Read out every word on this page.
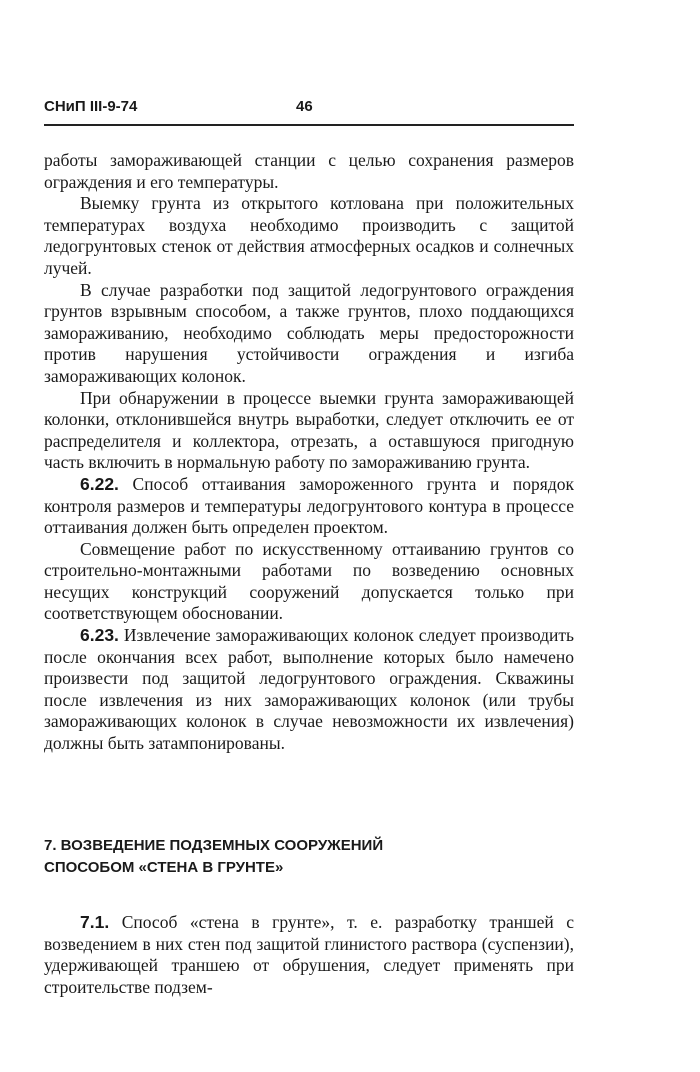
СНиП III-9-74	46

работы замораживающей станции с целью сохранения размеров ограждения и его температуры.

Выемку грунта из открытого котлована при положительных температурах воздуха необходимо производить с защитой ледогрунтовых стенок от действия атмосферных осадков и солнечных лучей.

В случае разработки под защитой ледогрунтового ограждения грунтов взрывным способом, а также грунтов, плохо поддающихся замораживанию, необходимо соблюдать меры предосторожности против нарушения устойчивости ограждения и изгиба замораживающих колонок.

При обнаружении в процессе выемки грунта замораживающей колонки, отклонившейся внутрь выработки, следует отключить ее от распределителя и коллектора, отрезать, а оставшуюся пригодную часть включить в нормальную работу по замораживанию грунта.

6.22. Способ оттаивания замороженного грунта и порядок контроля размеров и температуры ледогрунтового контура в процессе оттаивания должен быть определен проектом.

Совмещение работ по искусственному оттаиванию грунтов со строительно-монтажными работами по возведению основных несущих конструкций сооружений допускается только при соответствующем обосновании.

6.23. Извлечение замораживающих колонок следует производить после окончания всех работ, выполнение которых было намечено произвести под защитой ледогрунтового ограждения. Скважины после извлечения из них замораживающих колонок (или трубы замораживающих колонок в случае невозможности их извлечения) должны быть затампонированы.

7. ВОЗВЕДЕНИЕ ПОДЗЕМНЫХ СООРУЖЕНИЙ
СПОСОБОМ «СТЕНА В ГРУНТЕ»

7.1. Способ «стена в грунте», т. е. разработку траншей с возведением в них стен под защитой глинистого раствора (суспензии), удерживающей траншею от обрушения, следует применять при строительстве подзем-
